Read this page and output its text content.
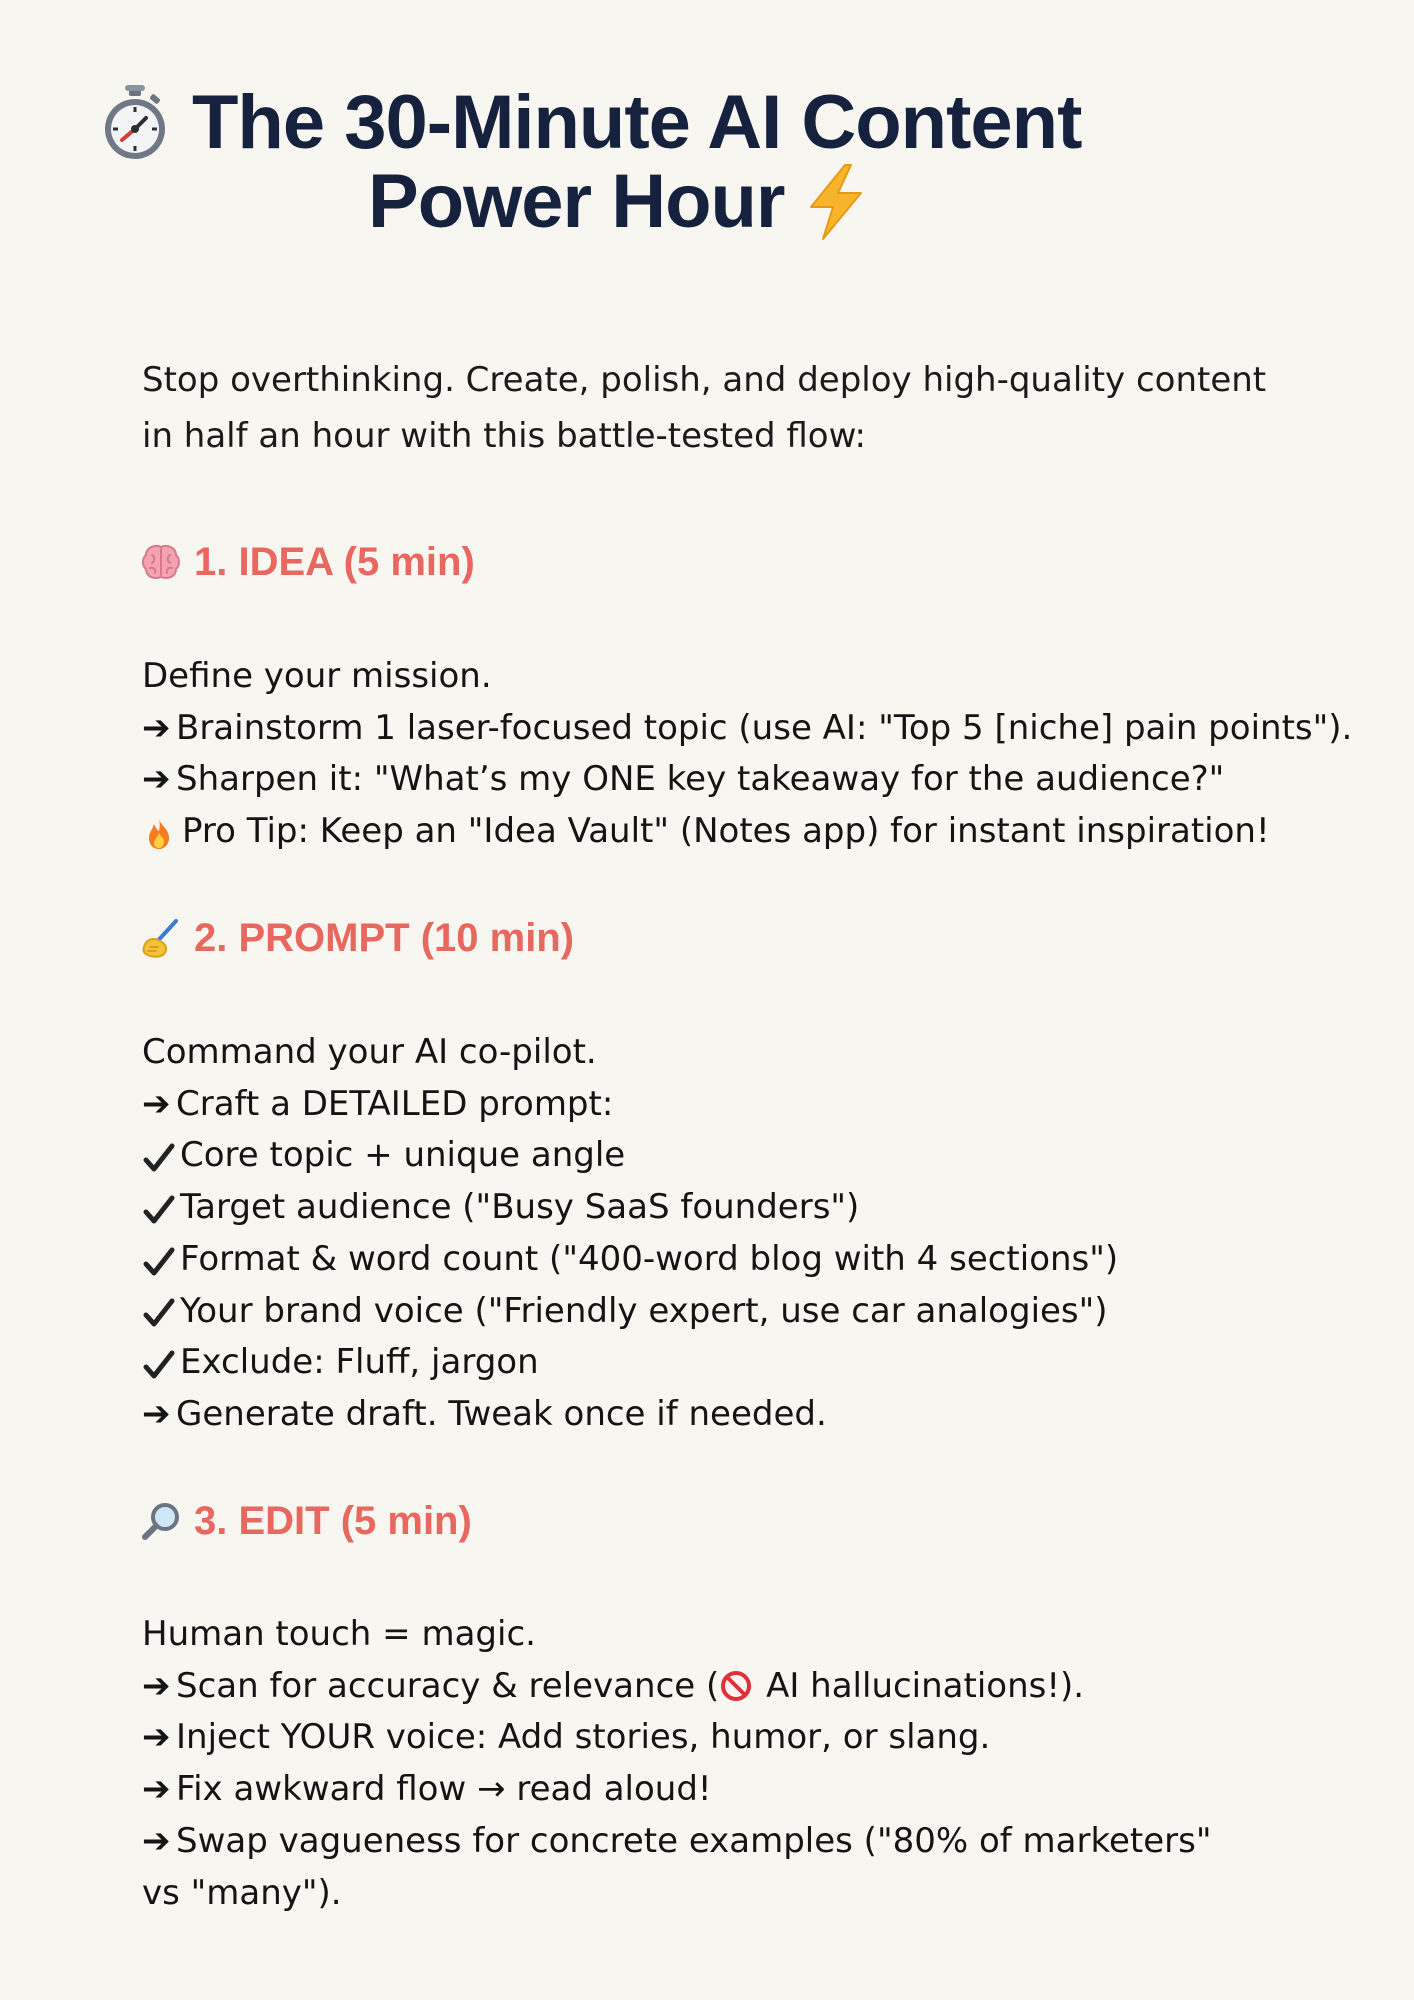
The 30-Minute AI Content
Power Hour

Stop overthinking. Create, polish, and deploy high-quality content
in half an hour with this battle-tested flow:

1. IDEA (5 min)
Define your mission.
➔ Brainstorm 1 laser-focused topic (use AI: "Top 5 [niche] pain points").
➔ Sharpen it: "What’s my ONE key takeaway for the audience?"
Pro Tip: Keep an "Idea Vault" (Notes app) for instant inspiration!
2. PROMPT (10 min)
Command your AI co-pilot.
➔ Craft a DETAILED prompt:
Core topic + unique angle
Target audience ("Busy SaaS founders")
Format & word count ("400-word blog with 4 sections")
Your brand voice ("Friendly expert, use car analogies")
Exclude: Fluff, jargon
➔ Generate draft. Tweak once if needed.
3. EDIT (5 min)
Human touch = magic.
➔ Scan for accuracy & relevance ( AI hallucinations!).
➔ Inject YOUR voice: Add stories, humor, or slang.
➔ Fix awkward flow → read aloud!
➔ Swap vagueness for concrete examples ("80% of marketers" vs "many").
